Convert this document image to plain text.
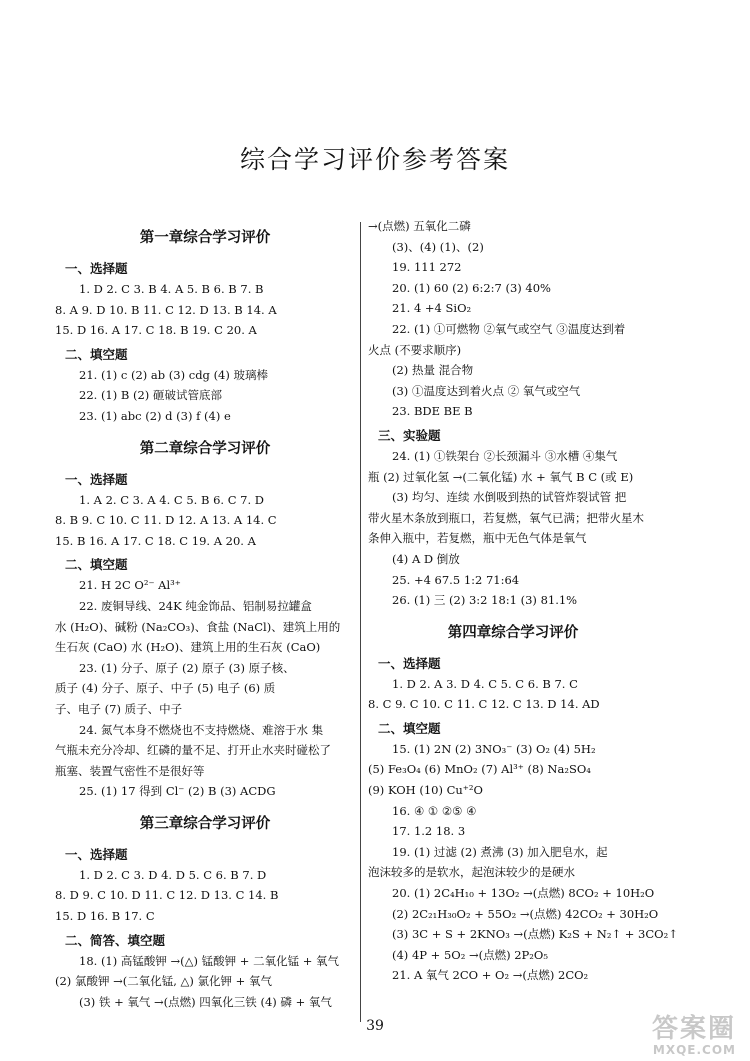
综合学习评价参考答案
第一章综合学习评价
一、选择题
1. D 2. C 3. B 4. A 5. B 6. B 7. B
8. A 9. D 10. B 11. C 12. D 13. B 14. A
15. D 16. A 17. C 18. B 19. C 20. A
二、填空题
21. (1) c (2) ab (3) cdg (4) 玻璃棒
22. (1) B (2) 砸破试管底部
23. (1) abc (2) d (3) f (4) e
第二章综合学习评价
一、选择题
1. A 2. C 3. A 4. C 5. B 6. C 7. D
8. B 9. C 10. C 11. D 12. A 13. A 14. C
15. B 16. A 17. C 18. C 19. A 20. A
二、填空题
21. H 2C O²⁻ Al³⁺
22. 废铜导线、24K 纯金饰品、铝制易拉罐盒
水 (H₂O)、碱粉 (Na₂CO₃)、食盐 (NaCl)、建筑上用的
生石灰 (CaO) 水 (H₂O)、建筑上用的生石灰 (CaO)
23. (1) 分子、原子 (2) 原子 (3) 原子核、
质子 (4) 分子、原子、中子 (5) 电子 (6) 质
子、电子 (7) 质子、中子
24. 氮气本身不燃烧也不支持燃烧、难溶于水 集
气瓶未充分冷却、红磷的量不足、打开止水夹时碰松了
瓶塞、装置气密性不是很好等
25. (1) 17 得到 Cl⁻ (2) B (3) ACDG
第三章综合学习评价
一、选择题
1. D 2. C 3. D 4. D 5. C 6. B 7. D
8. D 9. C 10. D 11. C 12. D 13. C 14. B
15. D 16. B 17. C
二、简答、填空题
18. (1) 高锰酸钾 →(△) 锰酸钾 + 二氧化锰 + 氧气
(2) 氯酸钾 →(二氧化锰, △) 氯化钾 + 氧气
(3) 铁 + 氧气 →(点燃) 四氧化三铁 (4) 磷 + 氧气
→(点燃) 五氧化二磷
(3)、(4) (1)、(2)
19. 111 272
20. (1) 60 (2) 6:2:7 (3) 40%
21. 4 +4 SiO₂
22. (1) ①可燃物 ②氧气或空气 ③温度达到着
火点 (不要求顺序)
(2) 热量 混合物
(3) ①温度达到着火点 ② 氧气或空气
23. BDE BE B
三、实验题
24. (1) ①铁架台 ②长颈漏斗 ③水槽 ④集气
瓶 (2) 过氧化氢 →(二氧化锰) 水 + 氧气 B C (或 E)
(3) 均匀、连续 水倒吸到热的试管炸裂试管 把
带火星木条放到瓶口，若复燃，氧气已满；把带火星木
条伸入瓶中，若复燃，瓶中无色气体是氧气
(4) A D 倒放
25. +4 67.5 1:2 71:64
26. (1) 三 (2) 3:2 18:1 (3) 81.1%
第四章综合学习评价
一、选择题
1. D 2. A 3. D 4. C 5. C 6. B 7. C
8. C 9. C 10. C 11. C 12. C 13. D 14. AD
二、填空题
15. (1) 2N (2) 3NO₃⁻ (3) O₂ (4) 5H₂
(5) Fe₃O₄ (6) MnO₂ (7) Al³⁺ (8) Na₂SO₄
(9) KOH (10) Cu⁺²O
16. ④ ① ②⑤ ④
17. 1.2 18. 3
19. (1) 过滤 (2) 煮沸 (3) 加入肥皂水，起
泡沫较多的是软水，起泡沫较少的是硬水
20. (1) 2C₄H₁₀ + 13O₂ →(点燃) 8CO₂ + 10H₂O
(2) 2C₂₁H₃₀O₂ + 55O₂ →(点燃) 42CO₂ + 30H₂O
(3) 3C + S + 2KNO₃ →(点燃) K₂S + N₂↑ + 3CO₂↑
(4) 4P + 5O₂ →(点燃) 2P₂O₅
21. A 氧气 2CO + O₂ →(点燃) 2CO₂
39	答案圈
MXQE.COM
